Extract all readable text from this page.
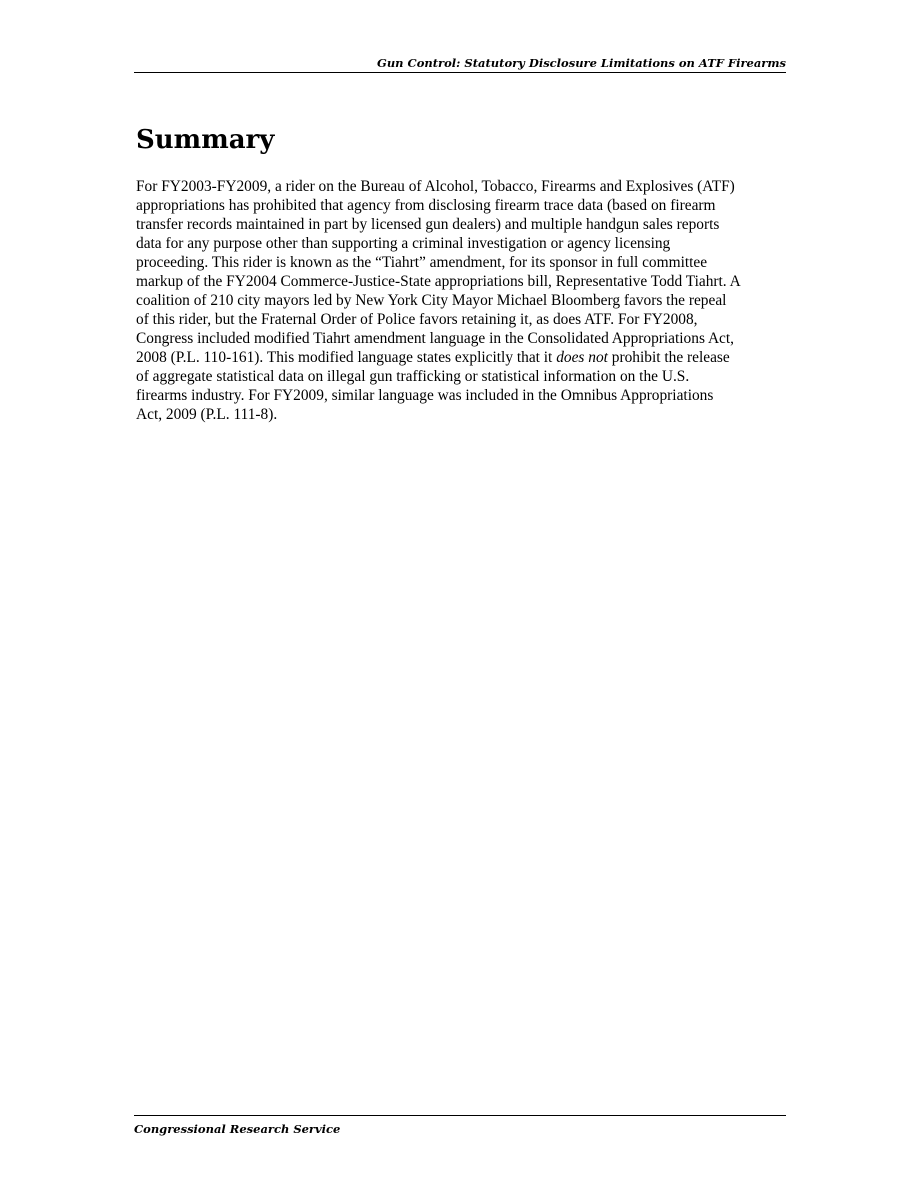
Gun Control: Statutory Disclosure Limitations on ATF Firearms
Summary

For FY2003-FY2009, a rider on the Bureau of Alcohol, Tobacco, Firearms and Explosives (ATF)
appropriations has prohibited that agency from disclosing firearm trace data (based on firearm
transfer records maintained in part by licensed gun dealers) and multiple handgun sales reports
data for any purpose other than supporting a criminal investigation or agency licensing
proceeding. This rider is known as the “Tiahrt” amendment, for its sponsor in full committee
markup of the FY2004 Commerce-Justice-State appropriations bill, Representative Todd Tiahrt. A
coalition of 210 city mayors led by New York City Mayor Michael Bloomberg favors the repeal
of this rider, but the Fraternal Order of Police favors retaining it, as does ATF. For FY2008,
Congress included modified Tiahrt amendment language in the Consolidated Appropriations Act,
2008 (P.L. 110-161). This modified language states explicitly that it does not prohibit the release
of aggregate statistical data on illegal gun trafficking or statistical information on the U.S.
firearms industry. For FY2009, similar language was included in the Omnibus Appropriations
Act, 2009 (P.L. 111-8).

Congressional Research Service
